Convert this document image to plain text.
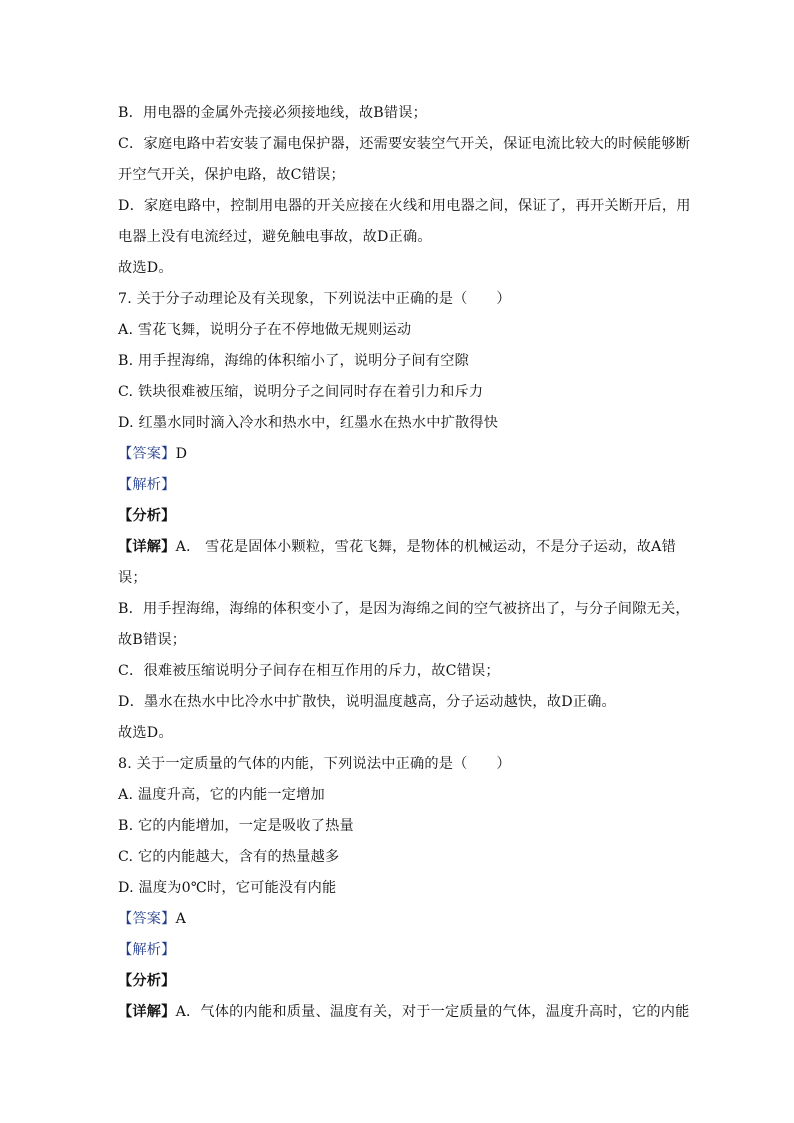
B．用电器的金属外壳接必须接地线，故B错误；
C．家庭电路中若安装了漏电保护器，还需要安装空气开关，保证电流比较大的时候能够断
开空气开关，保护电路，故C错误；
D．家庭电路中，控制用电器的开关应接在火线和用电器之间，保证了，再开关断开后，用
电器上没有电流经过，避免触电事故，故D正确。
故选D。
7. 关于分子动理论及有关现象，下列说法中正确的是（　　）
A. 雪花飞舞，说明分子在不停地做无规则运动
B. 用手捏海绵，海绵的体积缩小了，说明分子间有空隙
C. 铁块很难被压缩，说明分子之间同时存在着引力和斥力
D. 红墨水同时滴入冷水和热水中，红墨水在热水中扩散得快
【答案】D
【解析】
【分析】
【详解】A.　雪花是固体小颗粒，雪花飞舞，是物体的机械运动，不是分子运动，故A错
误；
B．用手捏海绵，海绵的体积变小了，是因为海绵之间的空气被挤出了，与分子间隙无关，
故B错误；
C．很难被压缩说明分子间存在相互作用的斥力，故C错误；
D．墨水在热水中比冷水中扩散快，说明温度越高，分子运动越快，故D正确。
故选D。
8. 关于一定质量的气体的内能，下列说法中正确的是（　　）
A. 温度升高，它的内能一定增加
B. 它的内能增加，一定是吸收了热量
C. 它的内能越大，含有的热量越多
D. 温度为0℃时，它可能没有内能
【答案】A
【解析】
【分析】
【详解】A．气体的内能和质量、温度有关，对于一定质量的气体，温度升高时，它的内能
